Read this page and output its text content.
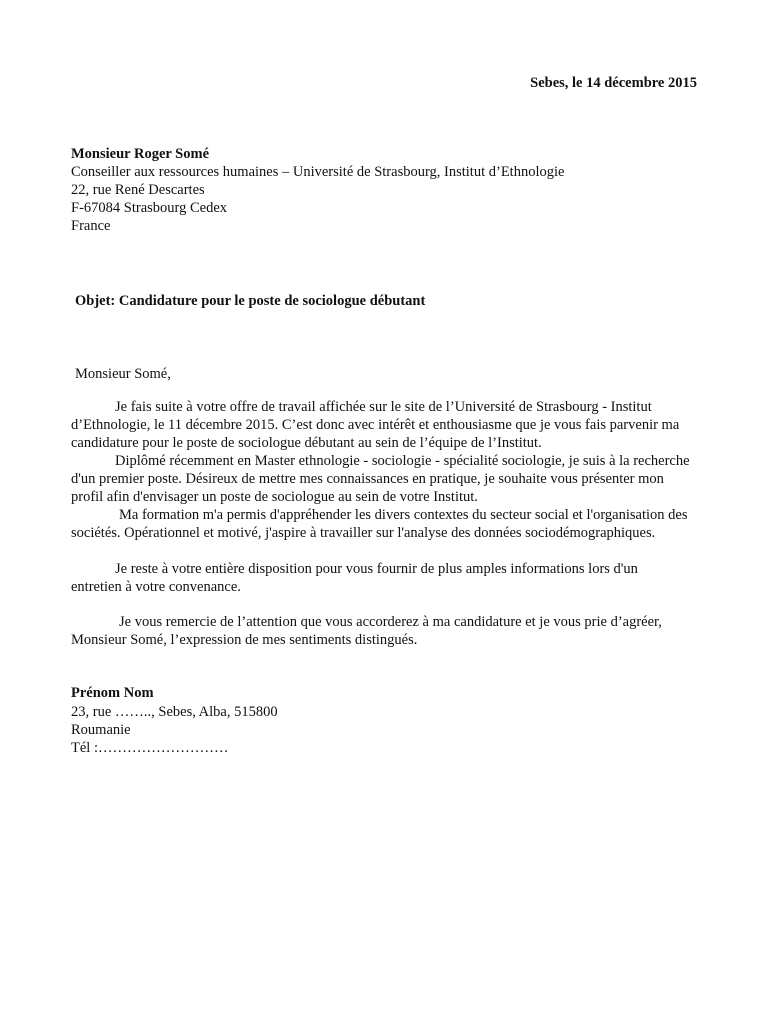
Sebes, le 14 décembre 2015
Monsieur Roger Somé
Conseiller aux ressources humaines – Université de Strasbourg, Institut d’Ethnologie
22, rue René Descartes
F-67084 Strasbourg Cedex
France
Objet: Candidature pour le poste de sociologue débutant
Monsieur Somé,
Je fais suite à votre offre de travail affichée sur le site de l’Université de Strasbourg - Institut d’Ethnologie, le 11 décembre 2015. C’est donc avec intérêt et enthousiasme que je vous fais parvenir ma candidature pour le poste de sociologue débutant au sein de l’équipe de l’Institut.
Diplômé récemment en Master ethnologie - sociologie - spécialité sociologie, je suis à la recherche d'un premier poste. Désireux de mettre mes connaissances en pratique, je souhaite vous présenter mon profil afin d'envisager un poste de sociologue au sein de votre Institut.
Ma formation m'a permis d'appréhender les divers contextes du secteur social et l'organisation des sociétés. Opérationnel et motivé, j'aspire à travailler sur l'analyse des données sociodémographiques.
Je reste à votre entière disposition pour vous fournir de plus amples informations lors d'un entretien à votre convenance.
Je vous remercie de l’attention que vous accorderez à ma candidature et je vous prie d’agréer, Monsieur Somé, l’expression de mes sentiments distingués.
Prénom Nom
23, rue …….., Sebes, Alba, 515800
Roumanie
Tél :………………………
